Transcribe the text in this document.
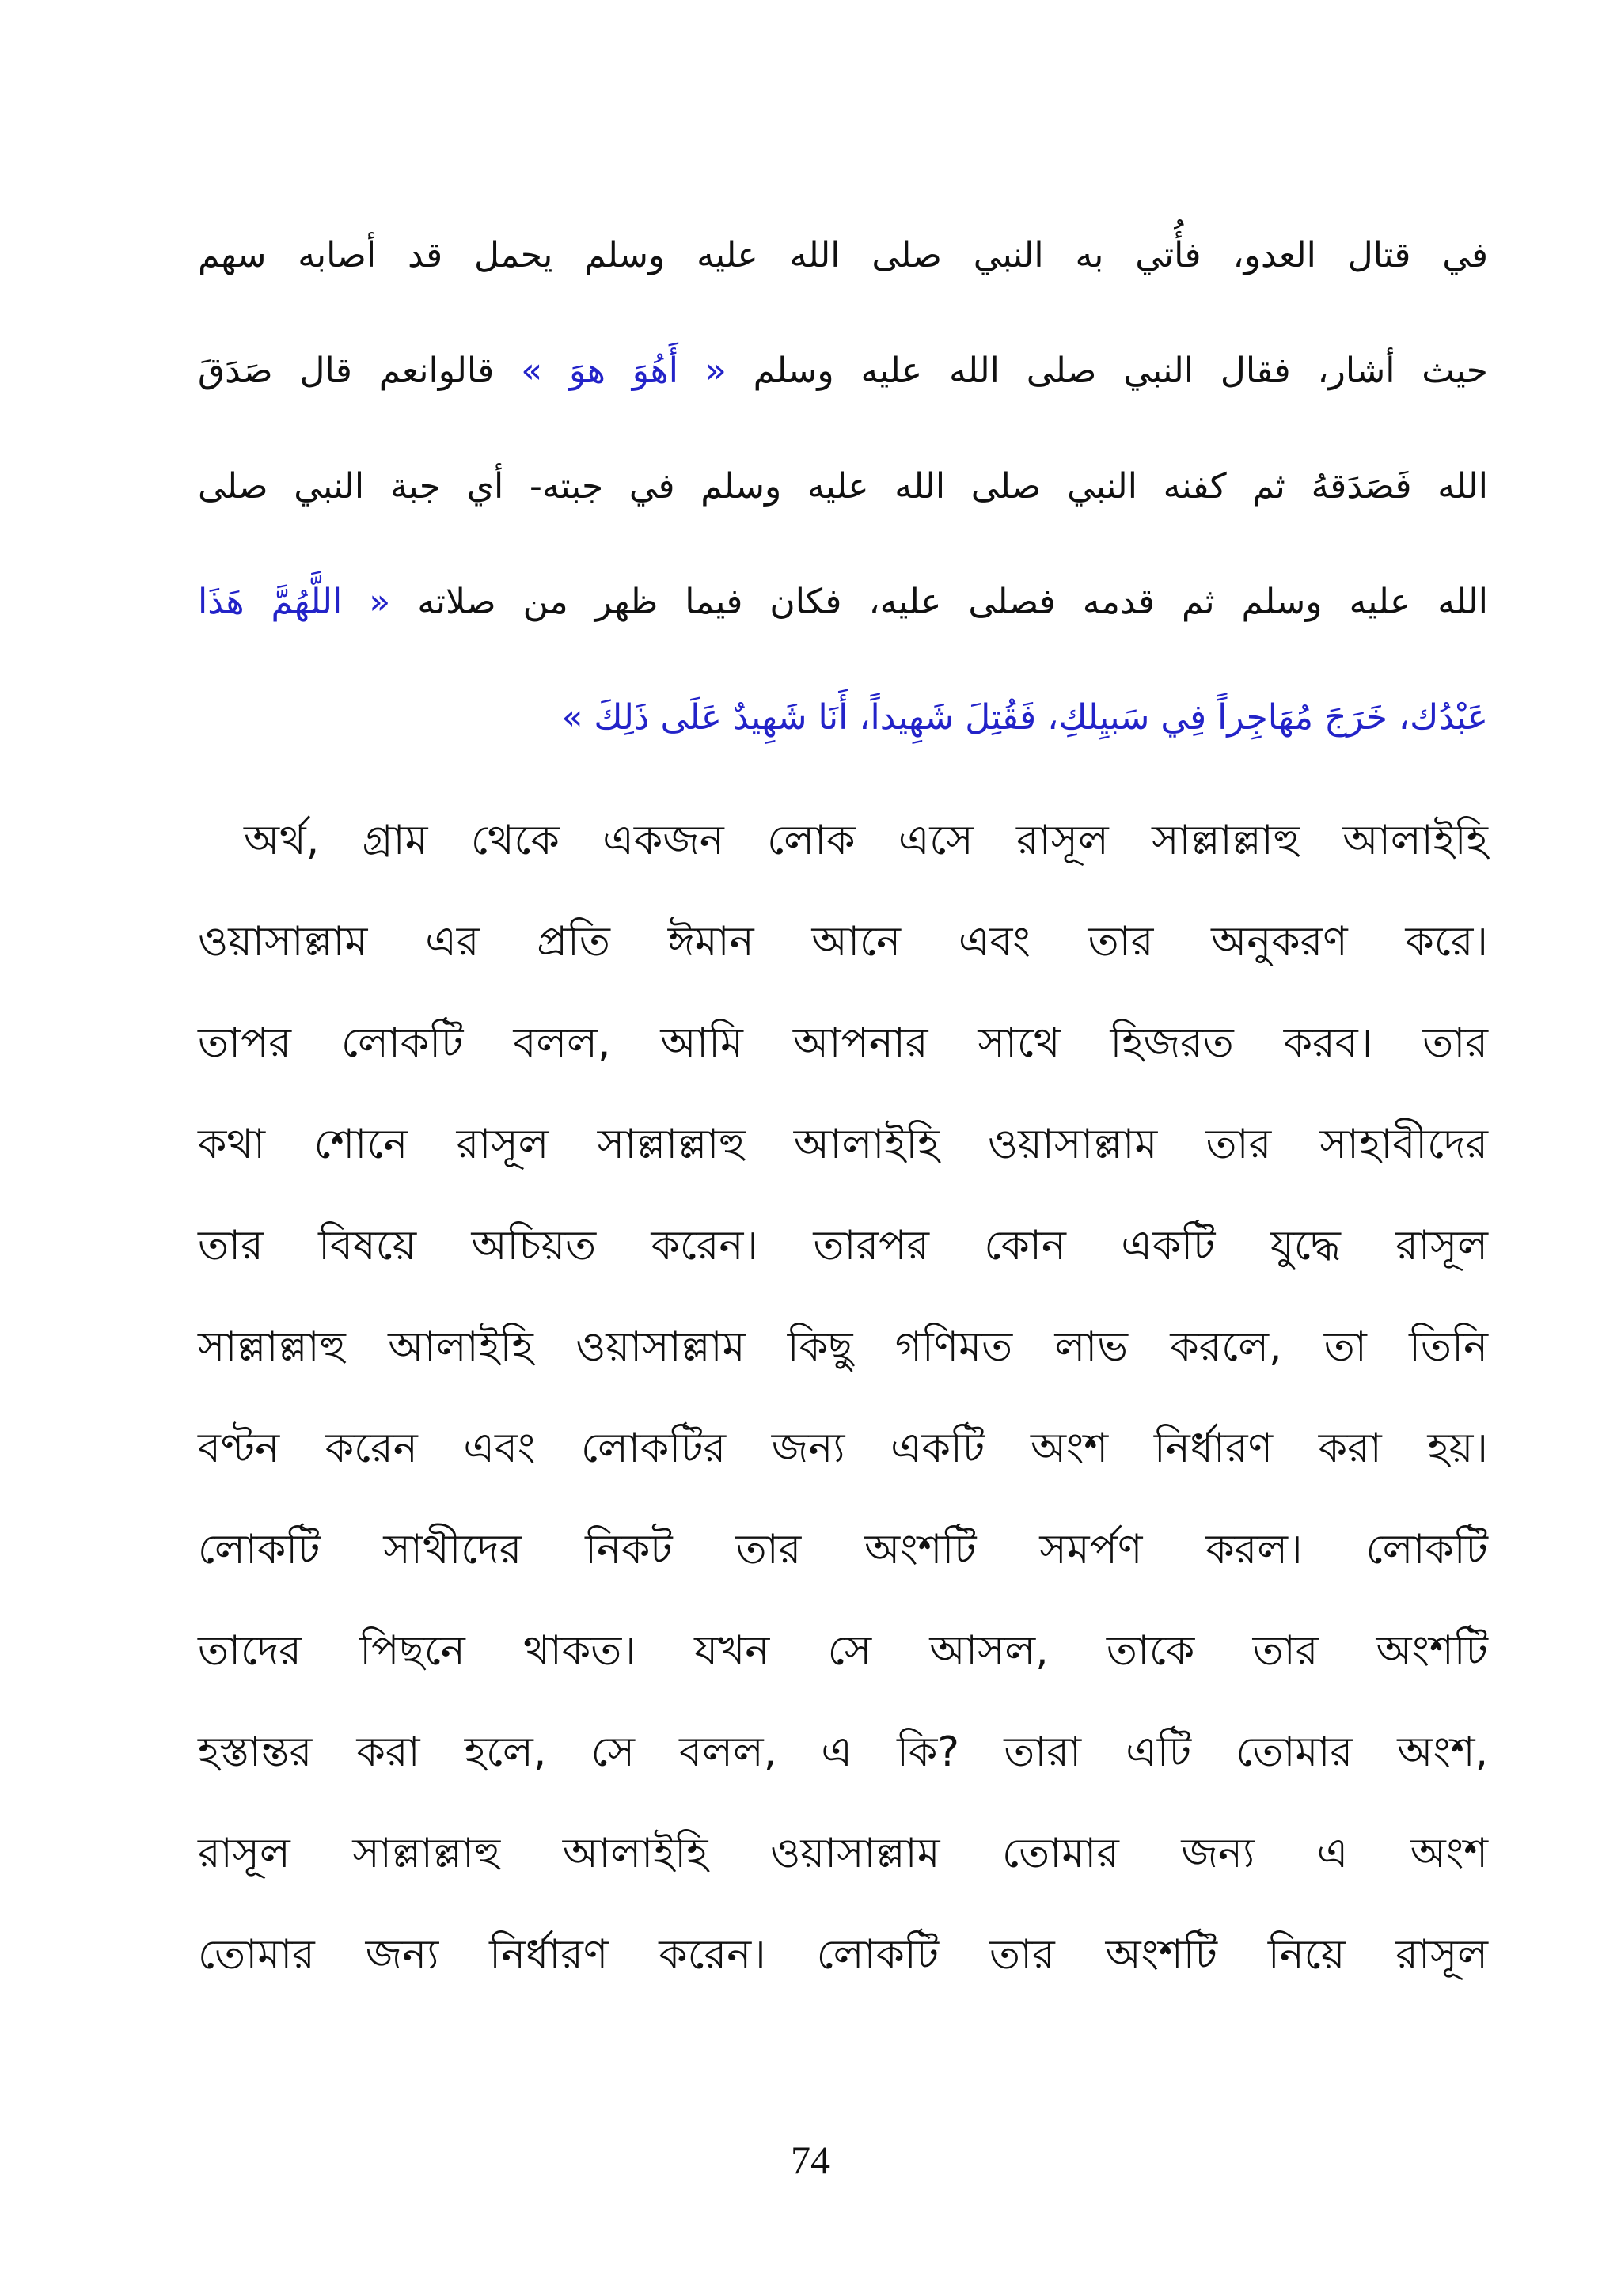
في قتال العدو، فأُتي به النبي صلى الله عليه وسلم يحمل قد أصابه سهم
حيث أشار، فقال النبي صلى الله عليه وسلم « أَهُوَ هوَ » قالوانعم قال صَدَقَ
الله فَصَدَقهُ ثم كفنه النبي صلى الله عليه وسلم في جبته- أي جبة النبي صلى
الله عليه وسلم ثم قدمه فصلى عليه، فكان فيما ظهر من صلاته « اللَّهُمَّ هَذَا
عَبْدُك، خَرَجَ مُهَاجِراً فِي سَبيِلكِ، فَقُتِلَ شَهِيداً، أَنَا شَهِيدٌ عَلَى ذَلِكَ »
অর্থ, গ্রাম থেকে একজন লোক এসে রাসূল সাল্লাল্লাহু আলাইহি
ওয়াসাল্লাম এর প্রতি ঈমান আনে এবং তার অনুকরণ করে।
তাপর লোকটি বলল, আমি আপনার সাথে হিজরত করব। তার
কথা শোনে রাসূল সাল্লাল্লাহু আলাইহি ওয়াসাল্লাম তার সাহাবীদের
তার বিষয়ে অচিয়ত করেন। তারপর কোন একটি যুদ্ধে রাসূল
সাল্লাল্লাহু আলাইহি ওয়াসাল্লাম কিছু গণিমত লাভ করলে, তা তিনি
বণ্টন করেন এবং লোকটির জন্য একটি অংশ নির্ধারণ করা হয়।
লোকটি সাথীদের নিকট তার অংশটি সমর্পণ করল। লোকটি
তাদের পিছনে থাকত। যখন সে আসল, তাকে তার অংশটি
হস্তান্তর করা হলে, সে বলল, এ কি? তারা এটি তোমার অংশ,
রাসূল সাল্লাল্লাহু আলাইহি ওয়াসাল্লাম তোমার জন্য এ অংশ
তোমার জন্য নির্ধারণ করেন। লোকটি তার অংশটি নিয়ে রাসূল
74
